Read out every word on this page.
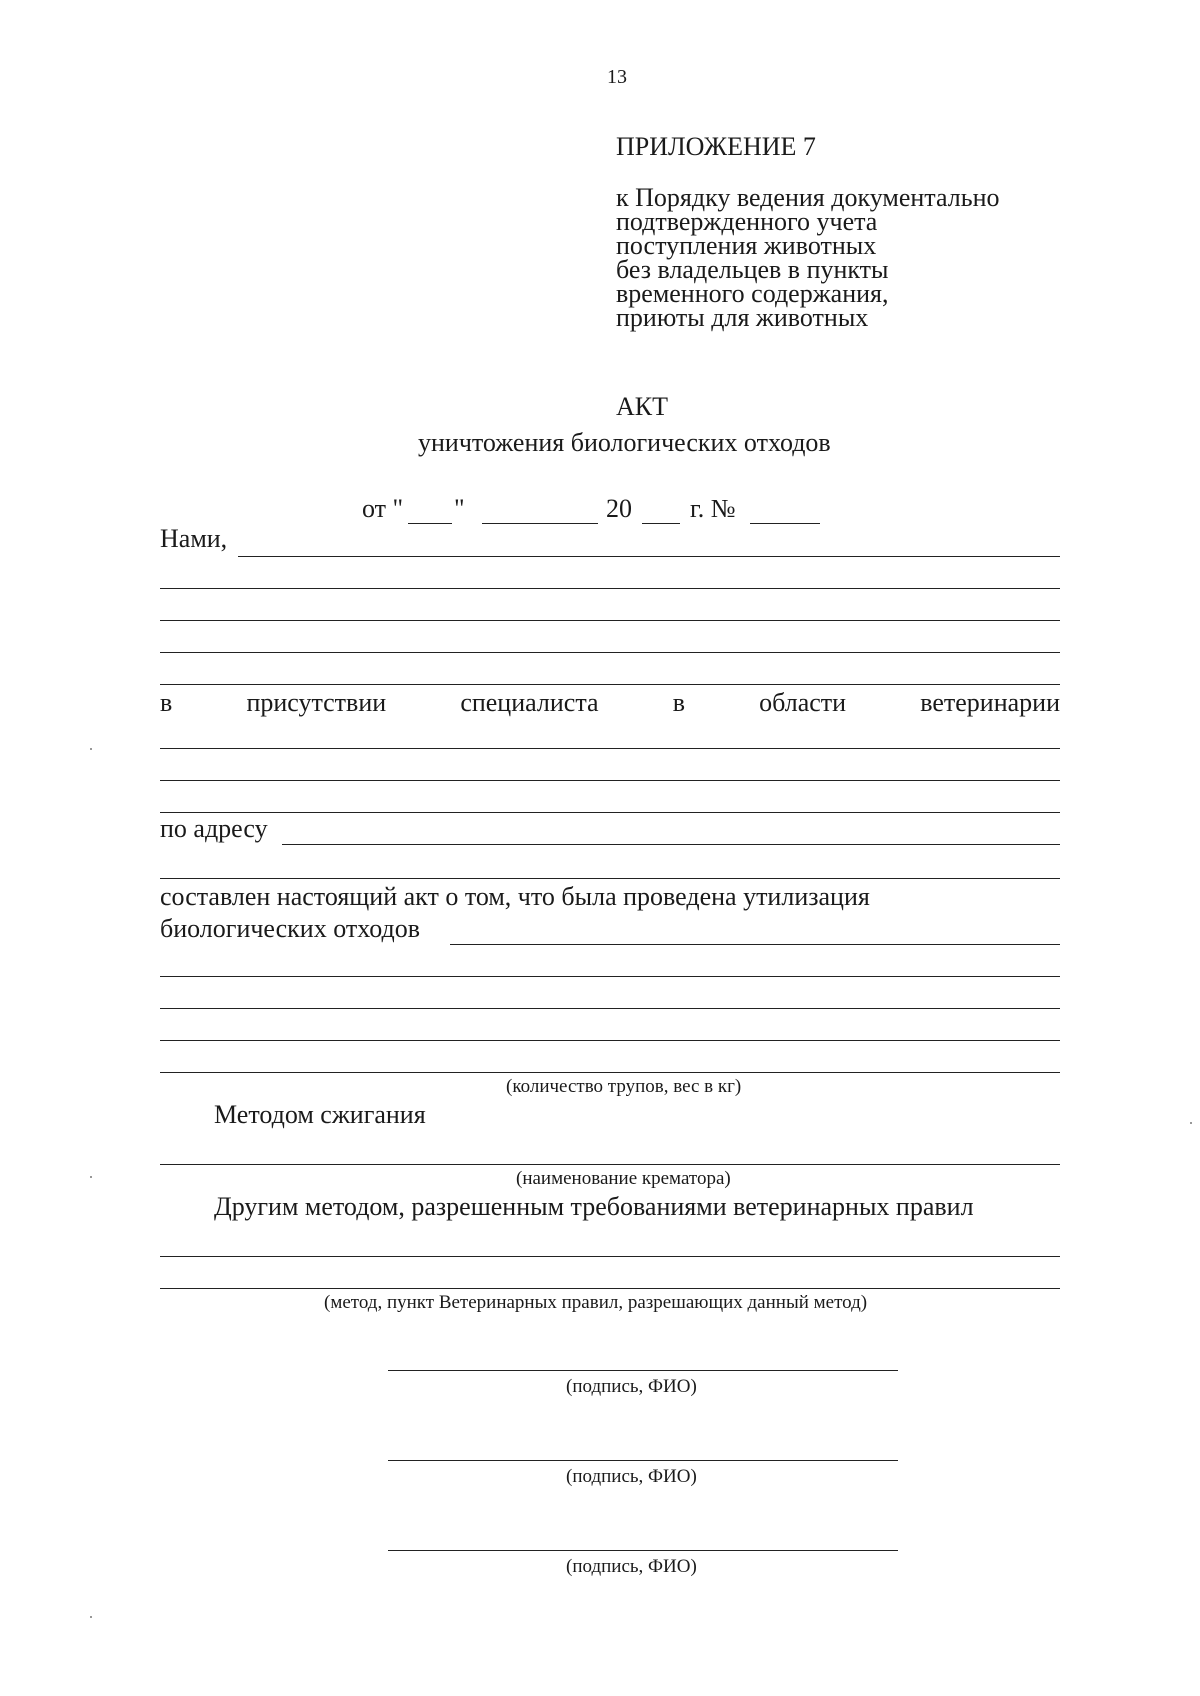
13
ПРИЛОЖЕНИЕ 7
к Порядку ведения документально
подтвержденного учета
поступления животных
без владельцев в пункты
временного содержания,
приюты для животных
АКТ
уничтожения биологических отходов
от " "	20 г. №
Нами,
в	присутствии	специалиста	в	области	ветеринарии
по адресу
составлен настоящий акт о том, что была проведена утилизация
биологических отходов
(количество трупов, вес в кг)
Методом сжигания
(наименование крематора)
Другим методом, разрешенным требованиями ветеринарных правил
(метод, пункт Ветеринарных правил, разрешающих данный метод)
(подпись, ФИО)
(подпись, ФИО)
(подпись, ФИО)
